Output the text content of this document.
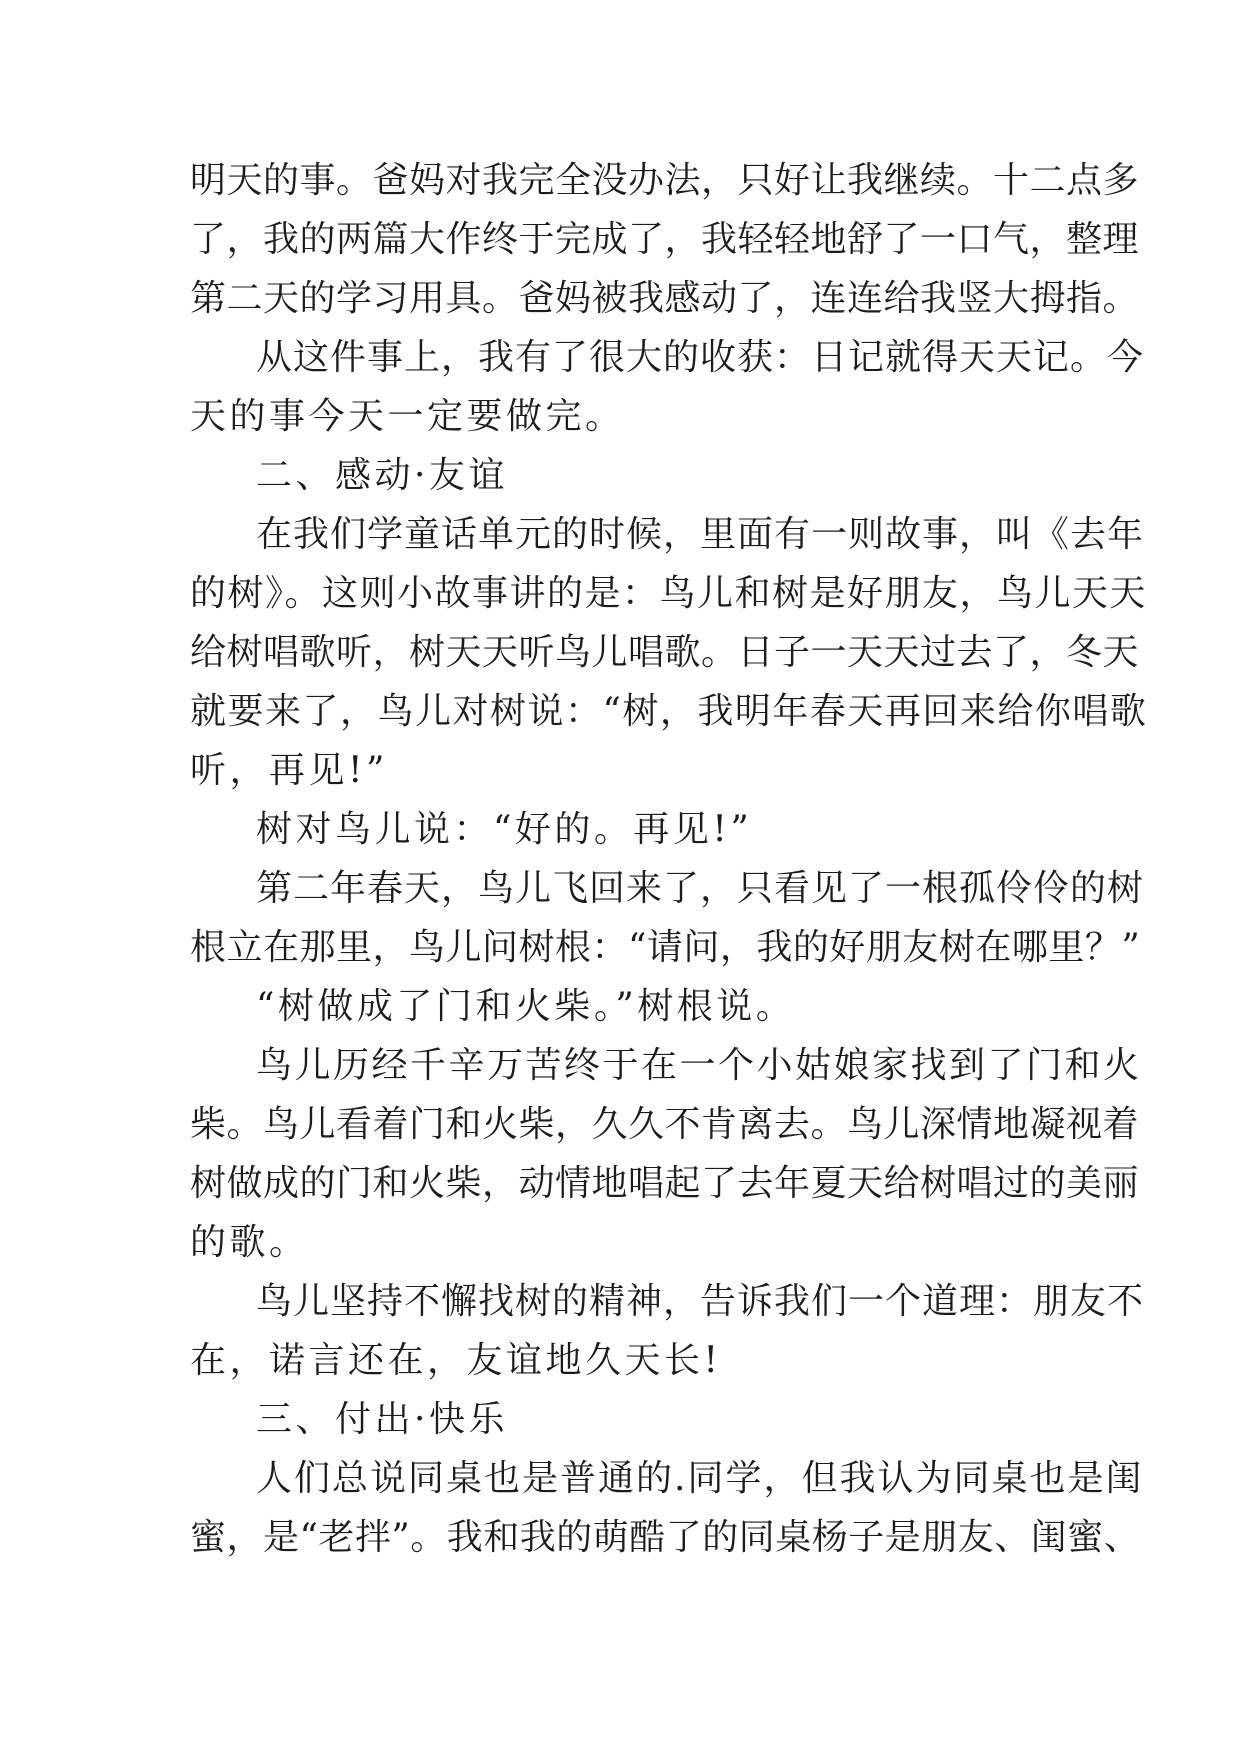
明天的事。爸妈对我完全没办法，只好让我继续。十二点多
了，我的两篇大作终于完成了，我轻轻地舒了一口气，整理
第二天的学习用具。爸妈被我感动了，连连给我竖大拇指。
从这件事上，我有了很大的收获：日记就得天天记。今
天的事今天一定要做完。
二、感动·友谊
在我们学童话单元的时候，里面有一则故事，叫《去年
的树》。这则小故事讲的是：鸟儿和树是好朋友，鸟儿天天
给树唱歌听，树天天听鸟儿唱歌。日子一天天过去了，冬天
就要来了，鸟儿对树说：“树，我明年春天再回来给你唱歌
听，再见!”
树对鸟儿说：“好的。再见!”
第二年春天，鸟儿飞回来了，只看见了一根孤伶伶的树
根立在那里，鸟儿问树根：“请问，我的好朋友树在哪里？”
“树做成了门和火柴。”树根说。
鸟儿历经千辛万苦终于在一个小姑娘家找到了门和火
柴。鸟儿看着门和火柴，久久不肯离去。鸟儿深情地凝视着
树做成的门和火柴，动情地唱起了去年夏天给树唱过的美丽
的歌。
鸟儿坚持不懈找树的精神，告诉我们一个道理：朋友不
在，诺言还在，友谊地久天长!
三、付出·快乐
人们总说同桌也是普通的.同学，但我认为同桌也是闺
蜜，是“老拌”。我和我的萌酷了的同桌杨子是朋友、闺蜜、
